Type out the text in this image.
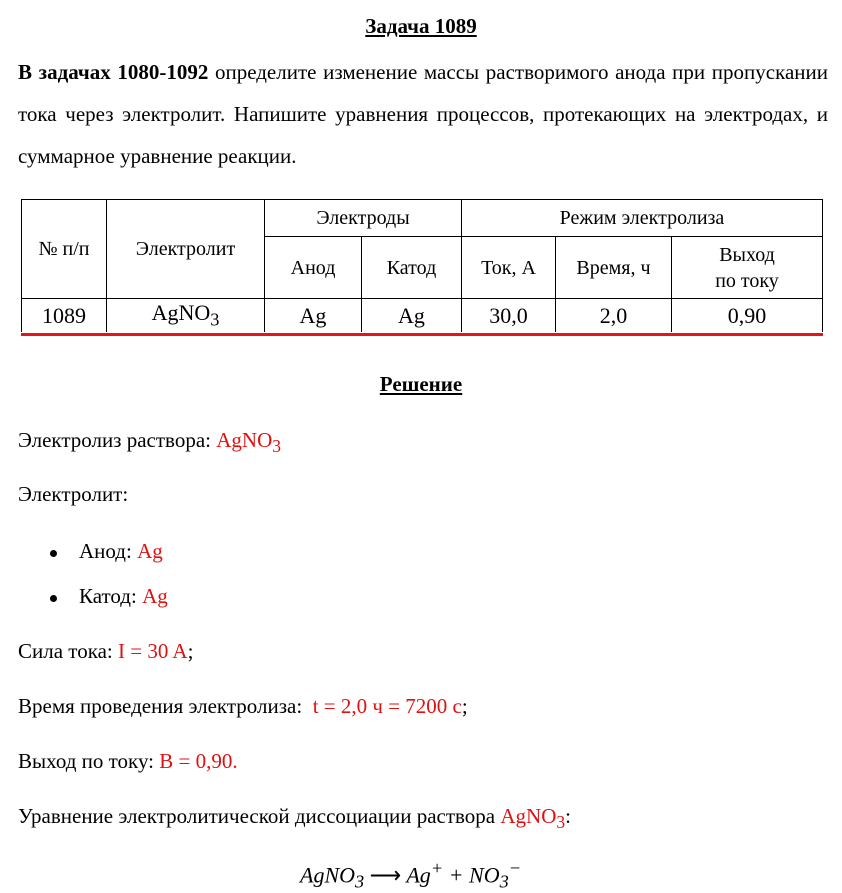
Задача 1089
В задачах 1080-1092 определите изменение массы растворимого анода при пропускании тока через электролит. Напишите уравнения процессов, протекающих на электродах, и суммарное уравнение реакции.
№ п/п	Электролит	Электроды		Режим электролиза		
		Анод	Катод	Ток, А	Время, ч	Выход
по току
1089	AgNO$_3$	Ag	Ag	30,0	2,0	0,90
Решение
Электролиз раствора: AgNO$_3$
Электролит:
Анод: Ag
Катод: Ag
Сила тока: I = 30 A;
Время проведения электролиза:  t = 2,0 ч = 7200 с;
Выход по току: В = 0,90.
Уравнение электролитической диссоциации раствора AgNO$_3$:
AgNO$_3$ ⟶ $Ag^+ + NO_3^-$
